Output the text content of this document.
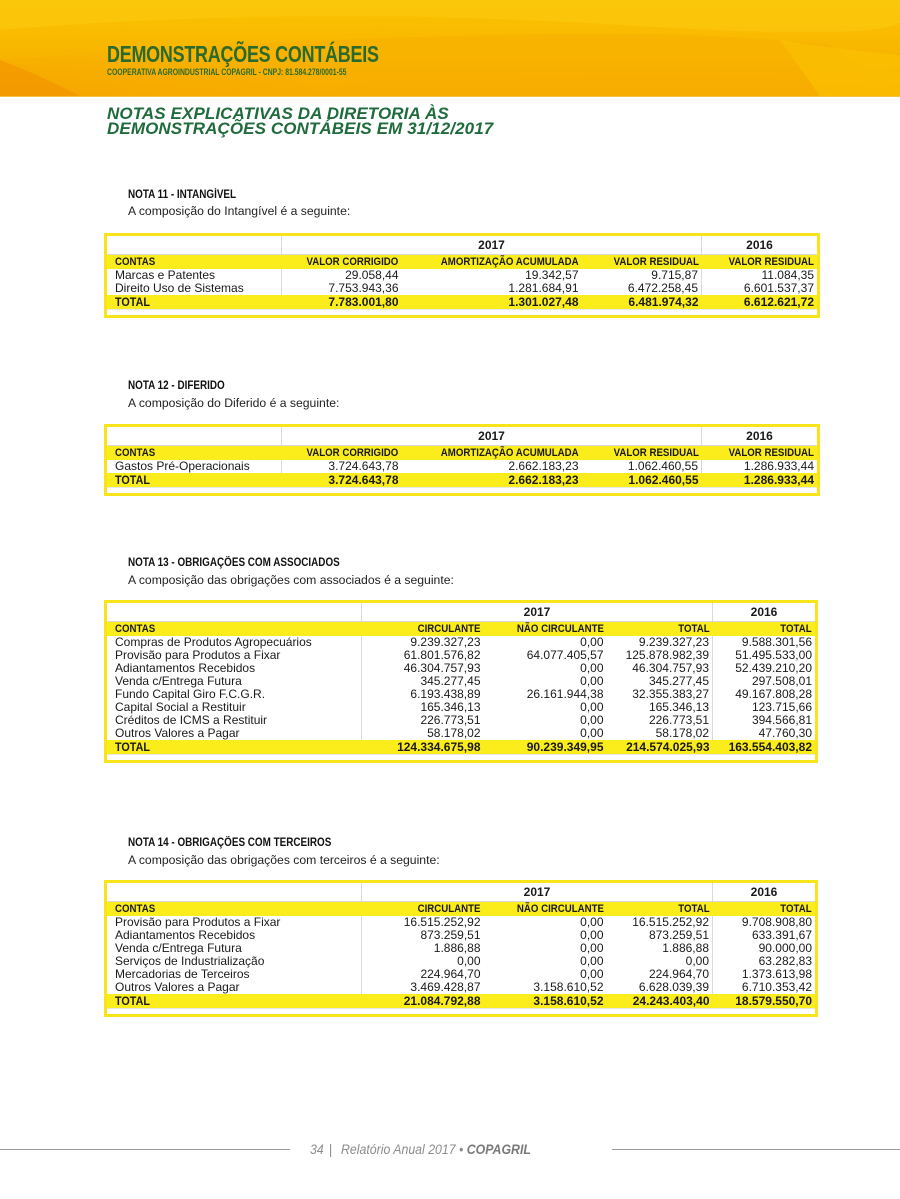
DEMONSTRAÇÕES CONTÁBEIS
COOPERATIVA AGROINDUSTRIAL COPAGRIL - CNPJ: 81.584.278/0001-55
NOTAS EXPLICATIVAS DA DIRETORIA ÀS
DEMONSTRAÇÕES CONTÁBEIS EM 31/12/2017
NOTA 11 - INTANGÍVEL
A composição do Intangível é a seguinte:
	2017			2016
CONTAS	VALOR CORRIGIDO	AMORTIZAÇÃO ACUMULADA	VALOR RESIDUAL	VALOR RESIDUAL
Marcas e Patentes	29.058,44	19.342,57	9.715,87	11.084,35
Direito Uso de Sistemas	7.753.943,36	1.281.684,91	6.472.258,45	6.601.537,37
TOTAL	7.783.001,80	1.301.027,48	6.481.974,32	6.612.621,72

NOTA 12 - DIFERIDO
A composição do Diferido é a seguinte:
	2017			2016
CONTAS	VALOR CORRIGIDO	AMORTIZAÇÃO ACUMULADA	VALOR RESIDUAL	VALOR RESIDUAL
Gastos Pré-Operacionais	3.724.643,78	2.662.183,23	1.062.460,55	1.286.933,44
TOTAL	3.724.643,78	2.662.183,23	1.062.460,55	1.286.933,44

NOTA 13 - OBRIGAÇÕES COM ASSOCIADOS
A composição das obrigações com associados é a seguinte:
	2017			2016
CONTAS	CIRCULANTE	NÃO CIRCULANTE	TOTAL	TOTAL
Compras de Produtos Agropecuários	9.239.327,23	0,00	9.239.327,23	9.588.301,56
Provisão para Produtos a Fixar	61.801.576,82	64.077.405,57	125.878.982,39	51.495.533,00
Adiantamentos Recebidos	46.304.757,93	0,00	46.304.757,93	52.439.210,20
Venda c/Entrega Futura	345.277,45	0,00	345.277,45	297.508,01
Fundo Capital Giro F.C.G.R.	6.193.438,89	26.161.944,38	32.355.383,27	49.167.808,28
Capital Social a Restituir	165.346,13	0,00	165.346,13	123.715,66
Créditos de ICMS a Restituir	226.773,51	0,00	226.773,51	394.566,81
Outros Valores a Pagar	58.178,02	0,00	58.178,02	47.760,30
TOTAL	124.334.675,98	90.239.349,95	214.574.025,93	163.554.403,82

NOTA 14 - OBRIGAÇÕES COM TERCEIROS
A composição das obrigações com terceiros é a seguinte:
	2017			2016
CONTAS	CIRCULANTE	NÃO CIRCULANTE	TOTAL	TOTAL
Provisão para Produtos a Fixar	16.515.252,92	0,00	16.515.252,92	9.708.908,80
Adiantamentos Recebidos	873.259,51	0,00	873.259,51	633.391,67
Venda c/Entrega Futura	1.886,88	0,00	1.886,88	90.000,00
Serviços de Industrialização	0,00	0,00	0,00	63.282,83
Mercadorias de Terceiros	224.964,70	0,00	224.964,70	1.373.613,98
Outros Valores a Pagar	3.469.428,87	3.158.610,52	6.628.039,39	6.710.353,42
TOTAL	21.084.792,88	3.158.610,52	24.243.403,40	18.579.550,70

34 | Relatório Anual 2017 • COPAGRIL
